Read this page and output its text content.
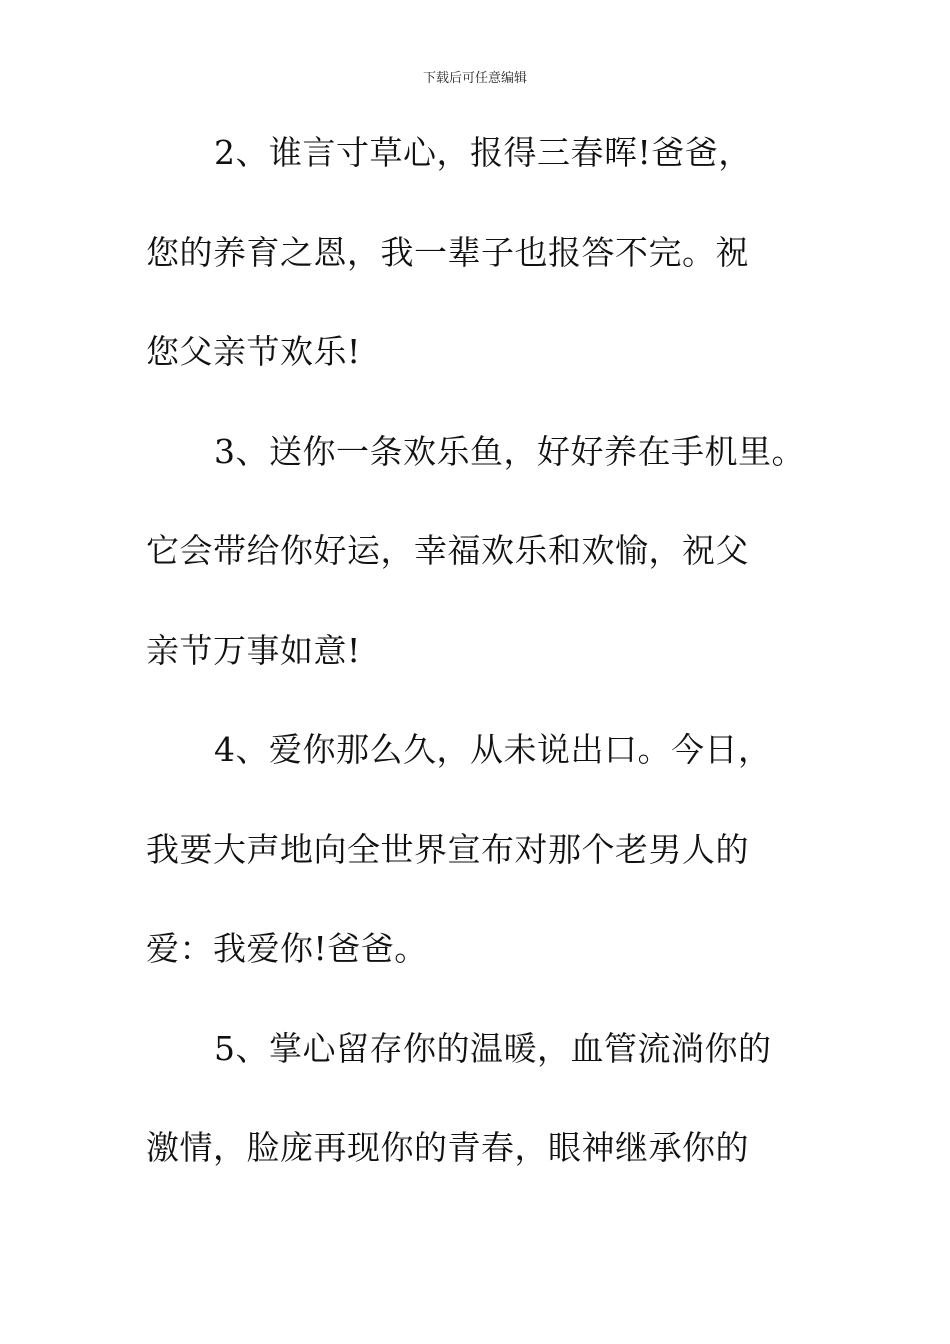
下载后可任意编辑
2、谁言寸草心，报得三春晖!爸爸，
您的养育之恩，我一辈子也报答不完。祝
您父亲节欢乐!
3、送你一条欢乐鱼，好好养在手机里。
它会带给你好运，幸福欢乐和欢愉，祝父
亲节万事如意!
4、爱你那么久，从未说出口。今日，
我要大声地向全世界宣布对那个老男人的
爱：我爱你!爸爸。
5、掌心留存你的温暖，血管流淌你的
激情，脸庞再现你的青春，眼神继承你的
